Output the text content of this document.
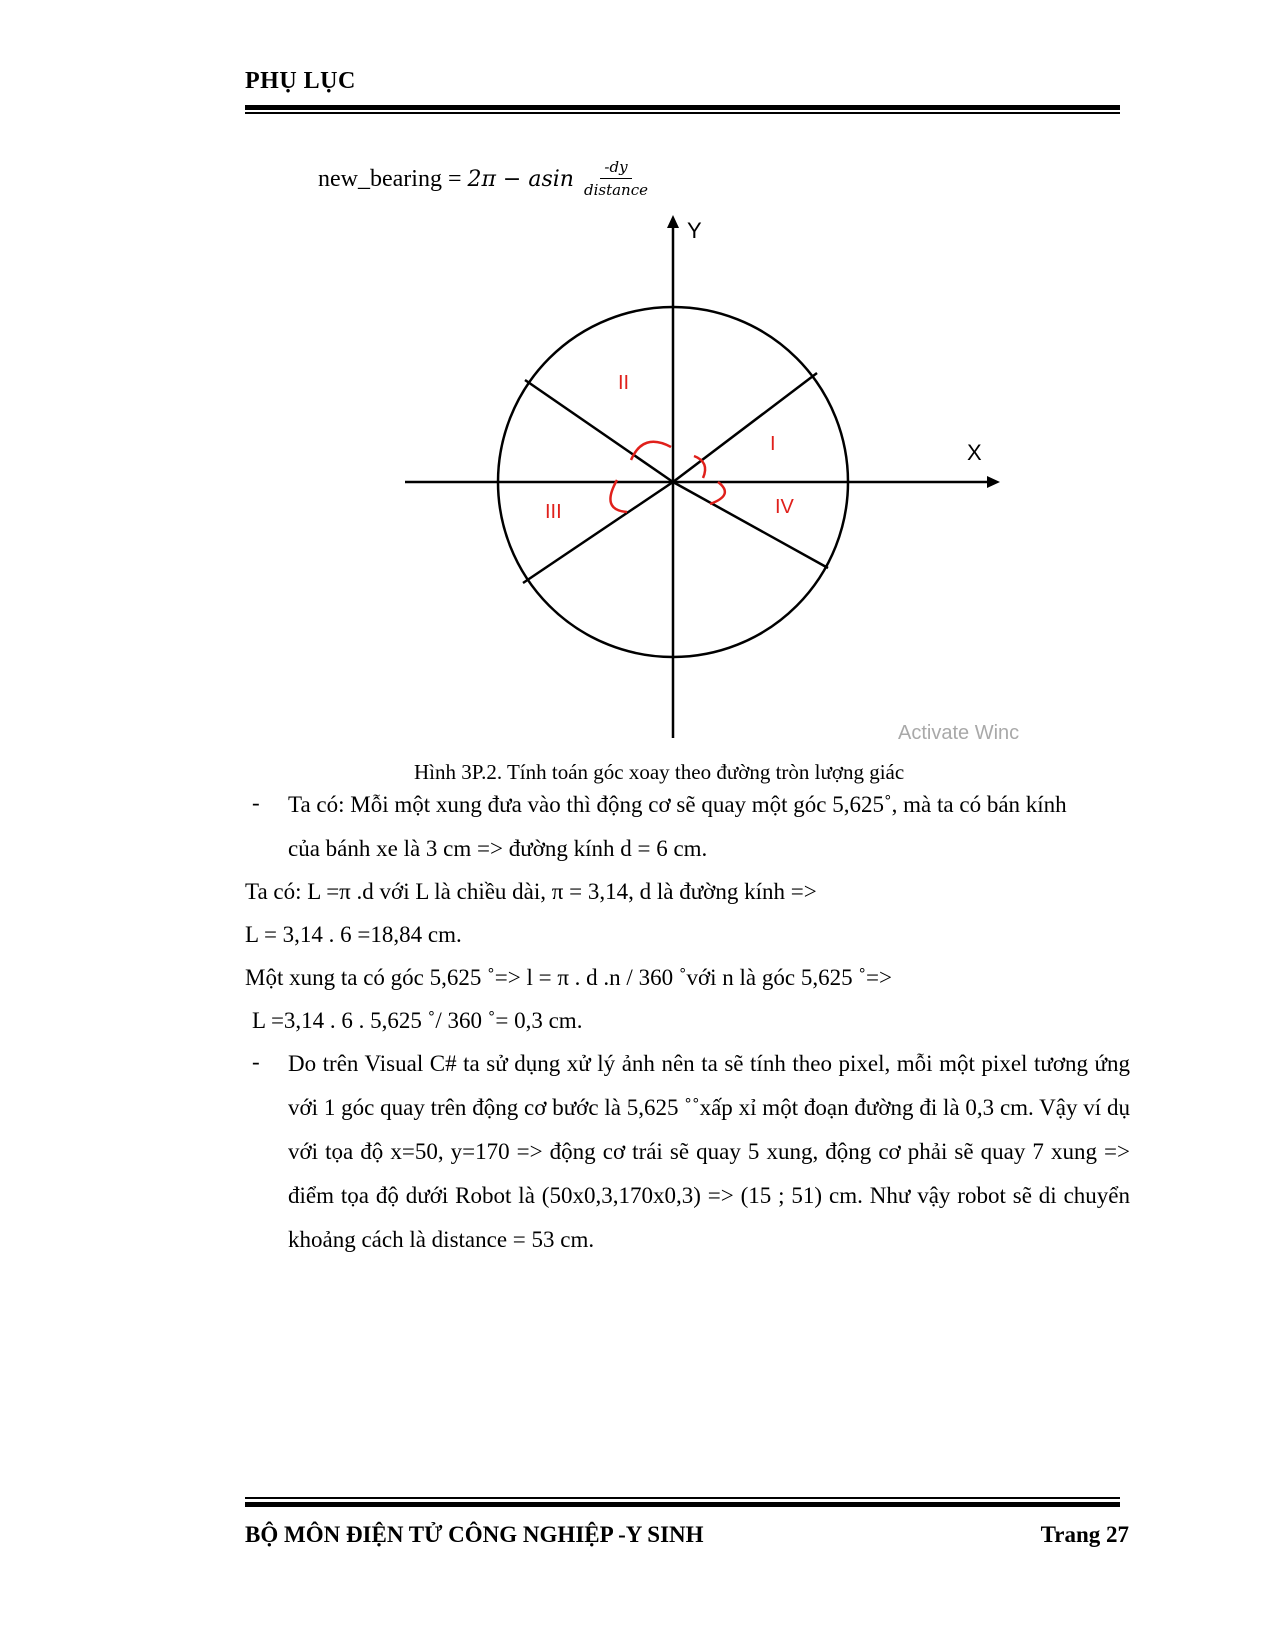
PHỤ LỤC
new_bearing = 2π − asin $\frac{-dy}{\text{distance}}$
Y
X
I
II
III	IV
Activate Winc
Hình 3P.2. Tính toán góc xoay theo đường tròn lượng giác
- Ta có: Mỗi một xung đưa vào thì động cơ sẽ quay một góc 5,625˚, mà ta có bán kính
của bánh xe là 3 cm => đường kính d = 6 cm.
Ta có: L =π .d với L là chiều dài, π = 3,14, d là đường kính =>
L = 3,14 . 6 =18,84 cm.
Một xung ta có góc 5,625 ˚=> l = π . d .n / 360 ˚với n là góc 5,625 ˚=>
L =3,14 . 6 . 5,625 ˚/ 360 ˚= 0,3 cm.
- Do trên Visual C# ta sử dụng xử lý ảnh nên ta sẽ tính theo pixel, mỗi một pixel tương ứng với 1 góc quay trên động cơ bước là 5,625 ˚˚xấp xỉ một đoạn đường đi là 0,3 cm. Vậy ví dụ với tọa độ x=50, y=170 => động cơ trái sẽ quay 5 xung, động cơ phải sẽ quay 7 xung => điểm tọa độ dưới Robot là (50x0,3,170x0,3) => (15 ; 51) cm. Như vậy robot sẽ di chuyển khoảng cách là distance = 53 cm.
BỘ MÔN ĐIỆN TỬ CÔNG NGHIỆP -Y SINH	Trang 27
